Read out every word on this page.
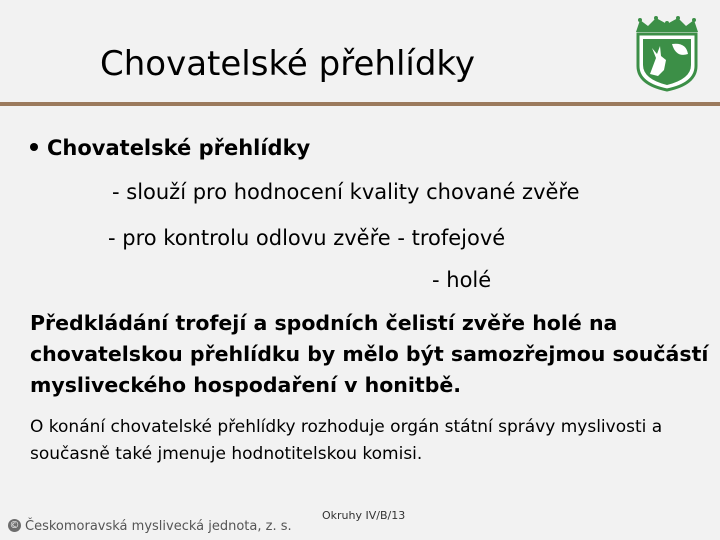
Chovatelské přehlídky
Chovatelské přehlídky
- slouží pro hodnocení kvality chované zvěře
- pro kontrolu odlovu zvěře - trofejové
- holé
Předkládání trofejí a spodních čelistí zvěře holé na chovatelskou přehlídku by mělo být samozřejmou součástí mysliveckého hospodaření v honitbě.
O konání chovatelské přehlídky rozhoduje orgán státní správy myslivosti a současně také jmenuje hodnotitelskou komisi.
© Českomoravská myslivecká jednota, z. s.
Okruhy IV/B/13
